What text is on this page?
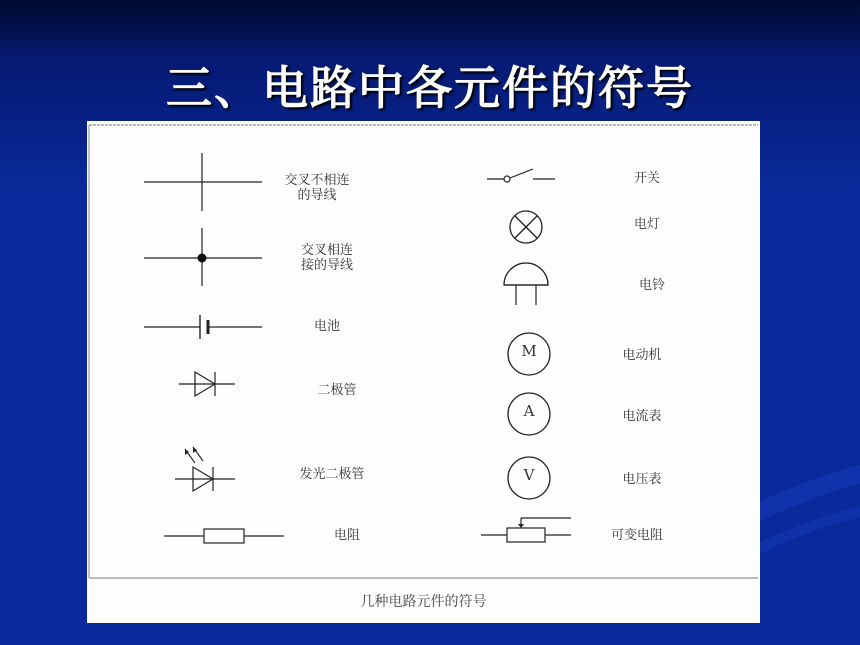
三、电路中各元件的符号
交叉不相连
的导线
交叉相连
接的导线
电池
二极管
发光二极管
电阻
开关
电灯
电铃
M	电动机
A	电流表
V	电压表
可变电阻
几种电路元件的符号
